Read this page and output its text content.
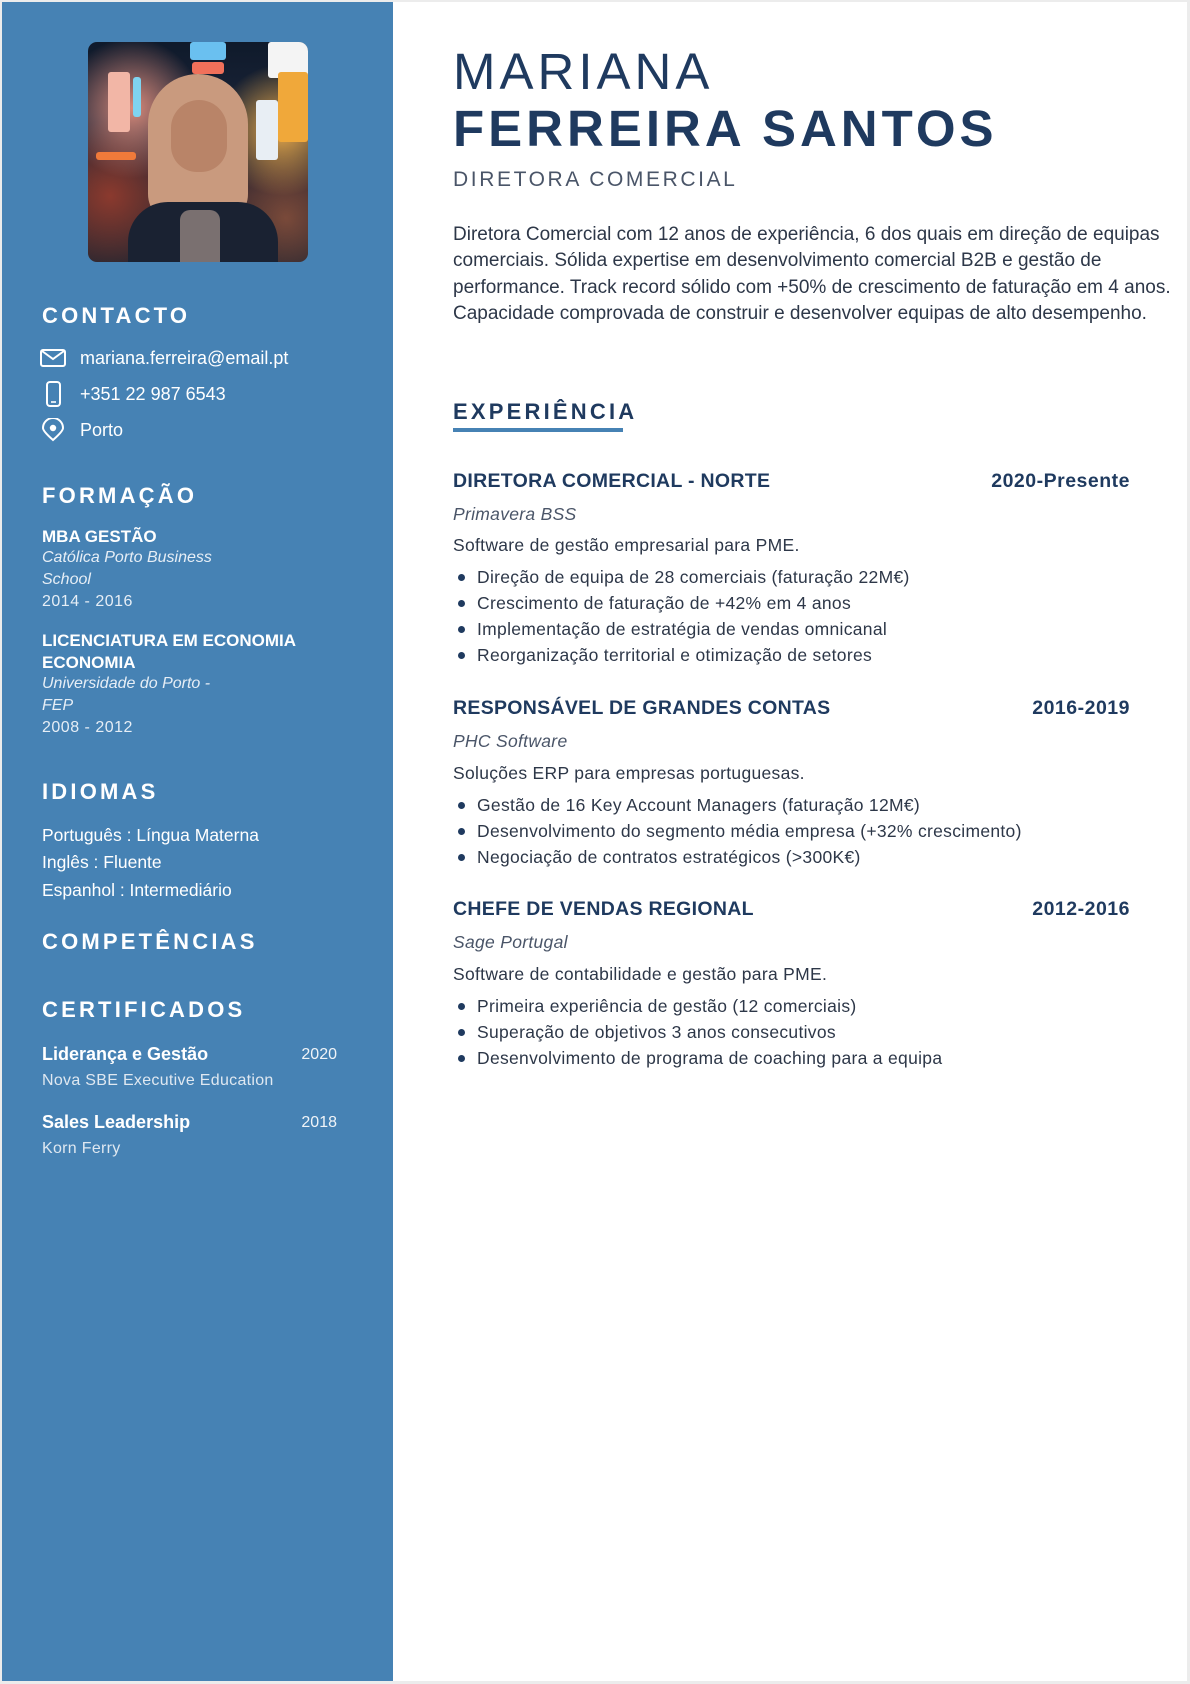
CONTACTO
mariana.ferreira@email.pt
+351 22 987 6543
Porto
FORMAÇÃO
MBA GESTÃO
Católica Porto Business
School
2014 - 2016
LICENCIATURA EM ECONOMIA
ECONOMIA
Universidade do Porto -
FEP
2008 - 2012
IDIOMAS
Português : Língua Materna
Inglês : Fluente
Espanhol : Intermediário
COMPETÊNCIAS
CERTIFICADOS
Liderança e Gestão	2020
Nova SBE Executive Education
Sales Leadership	2018
Korn Ferry
MARIANA
FERREIRA SANTOS
DIRETORA COMERCIAL

Diretora Comercial com 12 anos de experiência, 6 dos quais em direção de equipas comerciais. Sólida expertise em desenvolvimento comercial B2B e gestão de performance. Track record sólido com +50% de crescimento de faturação em 4 anos. Capacidade comprovada de construir e desenvolver equipas de alto desempenho.

EXPERIÊNCIA
DIRETORA COMERCIAL - NORTE	2020-Presente
Primavera BSS
Software de gestão empresarial para PME.
Direção de equipa de 28 comerciais (faturação 22M€)
Crescimento de faturação de +42% em 4 anos
Implementação de estratégia de vendas omnicanal
Reorganização territorial e otimização de setores
RESPONSÁVEL DE GRANDES CONTAS	2016-2019
PHC Software
Soluções ERP para empresas portuguesas.
Gestão de 16 Key Account Managers (faturação 12M€)
Desenvolvimento do segmento média empresa (+32% crescimento)
Negociação de contratos estratégicos (>300K€)
CHEFE DE VENDAS REGIONAL	2012-2016
Sage Portugal
Software de contabilidade e gestão para PME.
Primeira experiência de gestão (12 comerciais)
Superação de objetivos 3 anos consecutivos
Desenvolvimento de programa de coaching para a equipa
